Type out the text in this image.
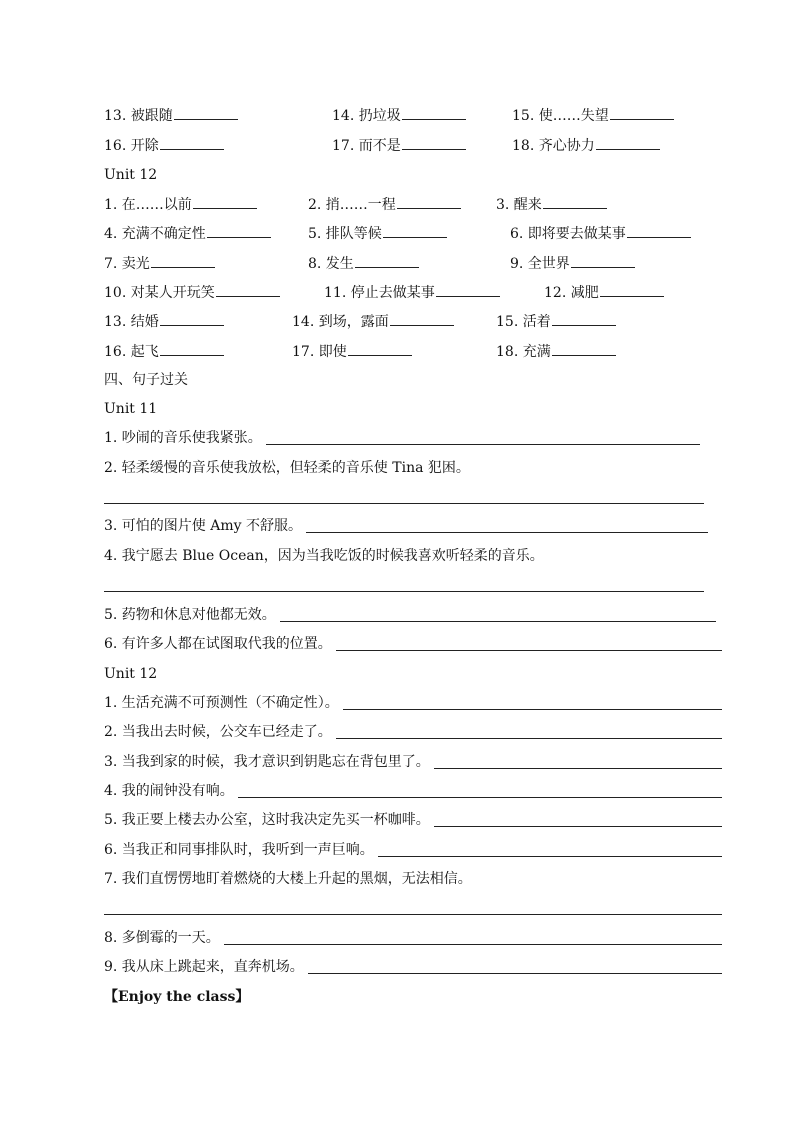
13. 被跟随	14. 扔垃圾	15. 使……失望
16. 开除	17. 而不是	18. 齐心协力
Unit 12
1. 在……以前	2. 捎……一程	3. 醒来
4. 充满不确定性	5. 排队等候	6. 即将要去做某事
7. 卖光	8. 发生	9. 全世界
10. 对某人开玩笑	11. 停止去做某事	12. 减肥
13. 结婚	14. 到场，露面	15. 活着
16. 起飞	17. 即使	18. 充满
四、句子过关
Unit 11
1. 吵闹的音乐使我紧张。
2. 轻柔缓慢的音乐使我放松，但轻柔的音乐使 Tina 犯困。
3. 可怕的图片使 Amy 不舒服。
4. 我宁愿去 Blue Ocean，因为当我吃饭的时候我喜欢听轻柔的音乐。
5. 药物和休息对他都无效。
6. 有许多人都在试图取代我的位置。
Unit 12
1. 生活充满不可预测性（不确定性）。
2. 当我出去时候，公交车已经走了。
3. 当我到家的时候，我才意识到钥匙忘在背包里了。
4. 我的闹钟没有响。
5. 我正要上楼去办公室，这时我决定先买一杯咖啡。
6. 当我正和同事排队时，我听到一声巨响。
7. 我们直愣愣地盯着燃烧的大楼上升起的黑烟，无法相信。
8. 多倒霉的一天。
9. 我从床上跳起来，直奔机场。
【Enjoy the class】
